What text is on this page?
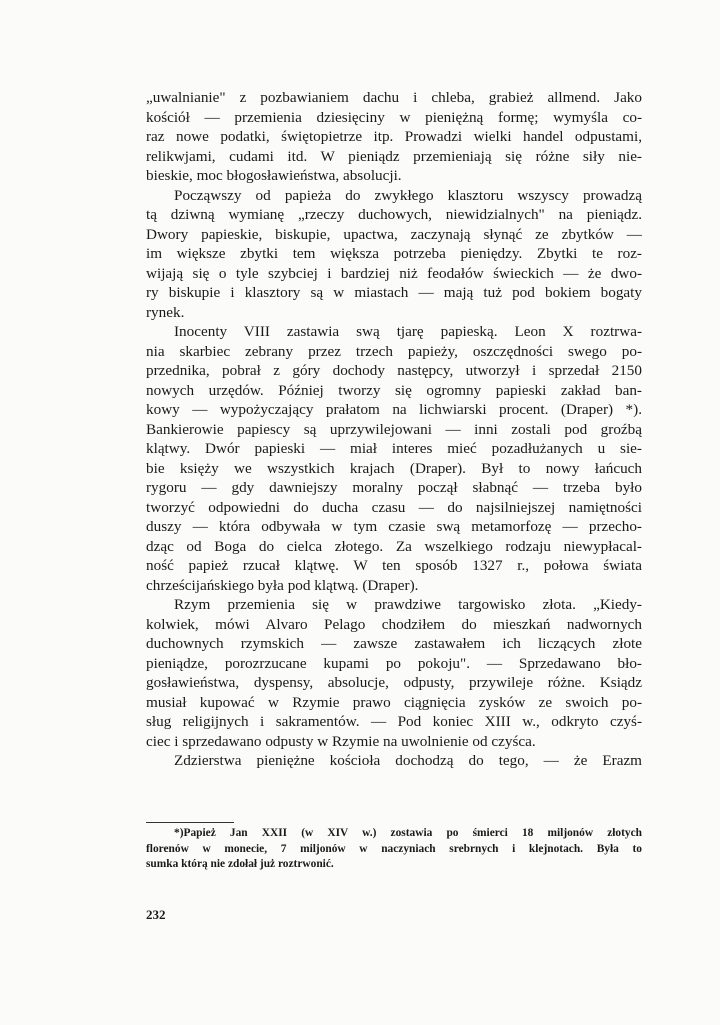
„uwalnianie" z pozbawianiem dachu i chleba, grabież allmend. Jako
kościół — przemienia dziesięciny w pieniężną formę; wymyśla co-
raz nowe podatki, świętopietrze itp. Prowadzi wielki handel odpustami,
relikwjami, cudami itd. W pieniądz przemieniają się różne siły nie-
bieskie, moc błogosławieństwa, absolucji.
Począwszy od papieża do zwykłego klasztoru wszyscy prowadzą
tą dziwną wymianę „rzeczy duchowych, niewidzialnych" na pieniądz.
Dwory papieskie, biskupie, upactwa, zaczynają słynąć ze zbytków —
im większe zbytki tem większa potrzeba pieniędzy. Zbytki te roz-
wijają się o tyle szybciej i bardziej niż feodałów świeckich — że dwo-
ry biskupie i klasztory są w miastach — mają tuż pod bokiem bogaty
rynek.
Inocenty VIII zastawia swą tjarę papieską. Leon X roztrwa-
nia skarbiec zebrany przez trzech papieży, oszczędności swego po-
przednika, pobrał z góry dochody następcy, utworzył i sprzedał 2150
nowych urzędów. Później tworzy się ogromny papieski zakład ban-
kowy — wypożyczający prałatom na lichwiarski procent. (Draper) *).
Bankierowie papiescy są uprzywilejowani — inni zostali pod groźbą
klątwy. Dwór papieski — miał interes mieć pozadłużanych u sie-
bie księży we wszystkich krajach (Draper). Był to nowy łańcuch
rygoru — gdy dawniejszy moralny począł słabnąć — trzeba było
tworzyć odpowiedni do ducha czasu — do najsilniejszej namiętności
duszy — która odbywała w tym czasie swą metamorfozę — przecho-
dząc od Boga do cielca złotego. Za wszelkiego rodzaju niewypłacal-
ność papież rzucał klątwę. W ten sposób 1327 r., połowa świata
chrześcijańskiego była pod klątwą. (Draper).
Rzym przemienia się w prawdziwe targowisko złota. „Kiedy-
kolwiek, mówi Alvaro Pelago chodziłem do mieszkań nadwornych
duchownych rzymskich — zawsze zastawałem ich liczących złote
pieniądze, porozrzucane kupami po pokoju". — Sprzedawano bło-
gosławieństwa, dyspensy, absolucje, odpusty, przywileje różne. Ksiądz
musiał kupować w Rzymie prawo ciągnięcia zysków ze swoich po-
sług religijnych i sakramentów. — Pod koniec XIII w., odkryto czyś-
ciec i sprzedawano odpusty w Rzymie na uwolnienie od czyśca.
Zdzierstwa pieniężne kościoła dochodzą do tego, — że Erazm
*)Papież Jan XXII (w XIV w.) zostawia po śmierci 18 miljonów złotych
florenów w monecie, 7 miljonów w naczyniach srebrnych i klejnotach. Była to
sumka którą nie zdołał już roztrwonić.
232
